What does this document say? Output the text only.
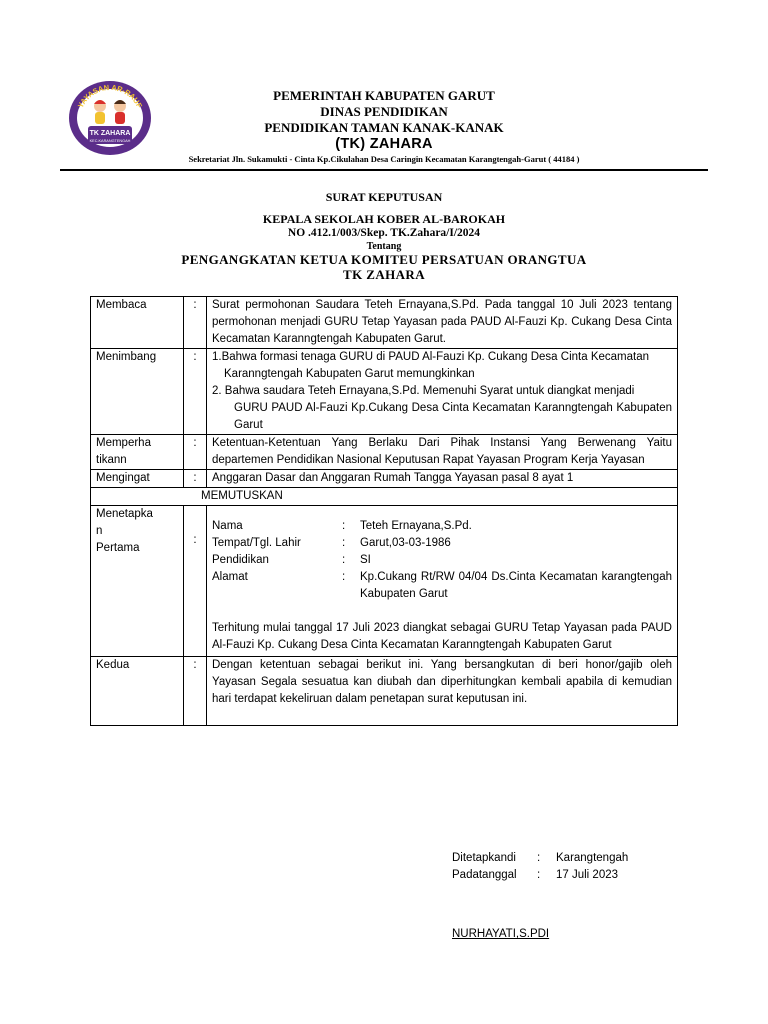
YAYASAN AR-RAUF
TK ZAHARA
KEC.KARANGTENGAH
PEMERINTAH KABUPATEN GARUT
DINAS PENDIDIKAN
PENDIDIKAN TAMAN KANAK-KANAK
(TK) ZAHARA
Sekretariat Jln. Sukamukti - Cinta Kp.Cikulahan Desa Caringin Kecamatan Karangtengah-Garut ( 44184 )
SURAT KEPUTUSAN
KEPALA SEKOLAH KOBER AL-BAROKAH
NO .412.1/003/Skep. TK.Zahara/I/2024
Tentang
PENGANGKATAN KETUA KOMITEU PERSATUAN ORANGTUA
TK ZAHARA
Membaca	:	Surat permohonan Saudara Teteh Ernayana,S.Pd. Pada tanggal 10 Juli 2023 tentang permohonan menjadi GURU Tetap Yayasan pada PAUD Al-Fauzi Kp. Cukang Desa Cinta Kecamatan Karanngtengah Kabupaten Garut.
Menimbang	:	1.Bahwa formasi tenaga GURU di PAUD Al-Fauzi Kp. Cukang Desa Cinta Kecamatan

Karanngtengah Kabupaten Garut memungkinkan

2. Bahwa saudara Teteh Ernayana,S.Pd. Memenuhi Syarat untuk diangkat menjadi

GURU PAUD Al-Fauzi Kp.Cukang Desa Cinta Kecamatan Karanngtengah Kabupaten Garut

Memperha
tikann
	:	Ketentuan-Ketentuan Yang Berlaku Dari Pihak Instansi Yang Berwenang Yaitu departemen Pendidikan Nasional Keputusan Rapat Yayasan Program Kerja Yayasan
Mengingat	:	Anggaran Dasar dan Anggaran Rumah Tangga Yayasan pasal 8 ayat 1
MEMUTUSKAN

Menetapka
n
Pertama
	:	
Nama	:	Teteh Ernayana,S.Pd.
Tempat/Tgl. Lahir	:	Garut,03-03-1986
Pendidikan	:	SI
Alamat	:	Kp.Cukang Rt/RW 04/04 Ds.Cinta Kecamatan karangtengah Kabupaten Garut

Terhitung mulai tanggal 17 Juli 2023 diangkat sebagai GURU Tetap Yayasan pada PAUD Al-Fauzi Kp. Cukang Desa Cinta Kecamatan Karanngtengah Kabupaten Garut

Kedua	:	Dengan ketentuan sebagai berikut ini. Yang bersangkutan di beri honor/gajib oleh Yayasan Segala sesuatua kan diubah dan diperhitungkan kembali apabila di kemudian hari terdapat kekeliruan dalam penetapan surat keputusan ini.
Ditetapkandi : Karangtengah
Padatanggal : 17 Juli 2023
NURHAYATI,S.PDI
